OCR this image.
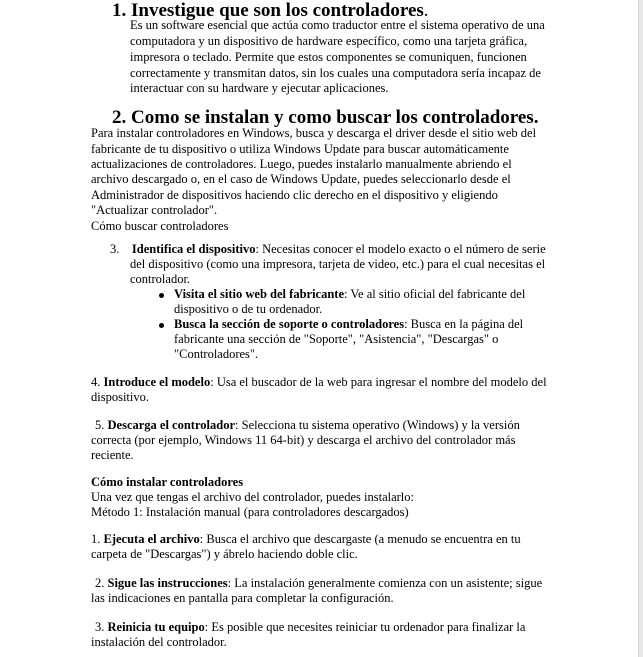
1. Investigue que son los controladores.

Es un software esencial que actúa como traductor entre el sistema operativo de una

computadora y un dispositivo de hardware específico, como una tarjeta gráfica,

impresora o teclado. Permite que estos componentes se comuniquen, funcionen

correctamente y transmitan datos, sin los cuales una computadora sería incapaz de

interactuar con su hardware y ejecutar aplicaciones.

2. Como se instalan y como buscar los controladores.

Para instalar controladores en Windows, busca y descarga el driver desde el sitio web del

fabricante de tu dispositivo o utiliza Windows Update para buscar automáticamente

actualizaciones de controladores. Luego, puedes instalarlo manualmente abriendo el

archivo descargado o, en el caso de Windows Update, puedes seleccionarlo desde el

Administrador de dispositivos haciendo clic derecho en el dispositivo y eligiendo

"Actualizar controlador".

Cómo buscar controladores

3. Identifica el dispositivo: Necesitas conocer el modelo exacto o el número de serie

del dispositivo (como una impresora, tarjeta de video, etc.) para el cual necesitas el

controlador.

Visita el sitio web del fabricante: Ve al sitio oficial del fabricante del

dispositivo o de tu ordenador.

Busca la sección de soporte o controladores: Busca en la página del

fabricante una sección de "Soporte", "Asistencia", "Descargas" o

"Controladores".

4. Introduce el modelo: Usa el buscador de la web para ingresar el nombre del modelo del

dispositivo.

5. Descarga el controlador: Selecciona tu sistema operativo (Windows) y la versión

correcta (por ejemplo, Windows 11 64-bit) y descarga el archivo del controlador más

reciente.

Cómo instalar controladores

Una vez que tengas el archivo del controlador, puedes instalarlo:

Método 1: Instalación manual (para controladores descargados)

1. Ejecuta el archivo: Busca el archivo que descargaste (a menudo se encuentra en tu

carpeta de "Descargas") y ábrelo haciendo doble clic.

2. Sigue las instrucciones: La instalación generalmente comienza con un asistente; sigue

las indicaciones en pantalla para completar la configuración.

3. Reinicia tu equipo: Es posible que necesites reiniciar tu ordenador para finalizar la

instalación del controlador.
